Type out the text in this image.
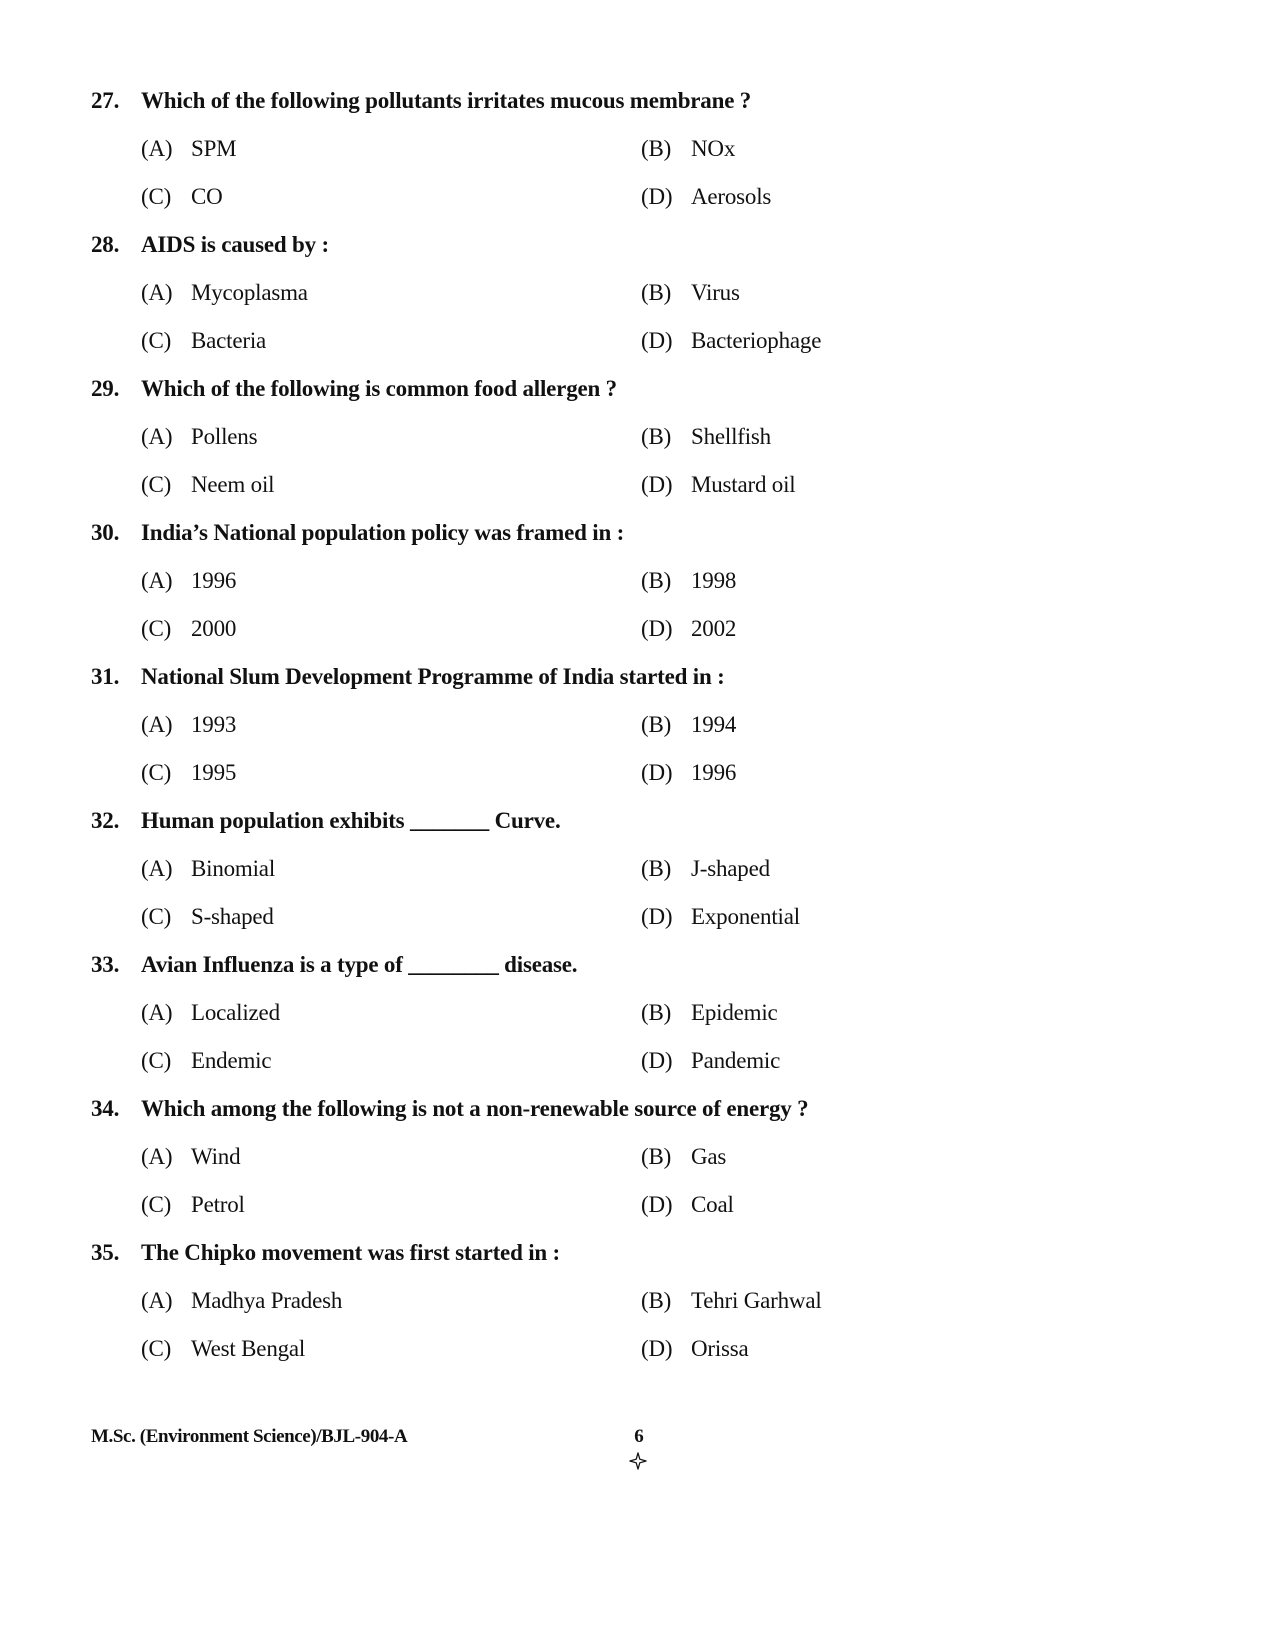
27. Which of the following pollutants irritates mucous membrane ?
(A) SPM	(B) NOx
(C) CO	(D) Aerosols
28. AIDS is caused by :
(A) Mycoplasma	(B) Virus
(C) Bacteria	(D) Bacteriophage
29. Which of the following is common food allergen ?
(A) Pollens	(B) Shellfish
(C) Neem oil	(D) Mustard oil
30. India’s National population policy was framed in :
(A) 1996	(B) 1998
(C) 2000	(D) 2002
31. National Slum Development Programme of India started in :
(A) 1993	(B) 1994
(C) 1995	(D) 1996
32. Human population exhibits _______ Curve.
(A) Binomial	(B) J-shaped
(C) S-shaped	(D) Exponential
33. Avian Influenza is a type of ________ disease.
(A) Localized	(B) Epidemic
(C) Endemic	(D) Pandemic
34. Which among the following is not a non-renewable source of energy ?
(A) Wind	(B) Gas
(C) Petrol	(D) Coal
35. The Chipko movement was first started in :
(A) Madhya Pradesh	(B) Tehri Garhwal
(C) West Bengal	(D) Orissa
M.Sc. (Environment Science)/BJL-904-A	6
